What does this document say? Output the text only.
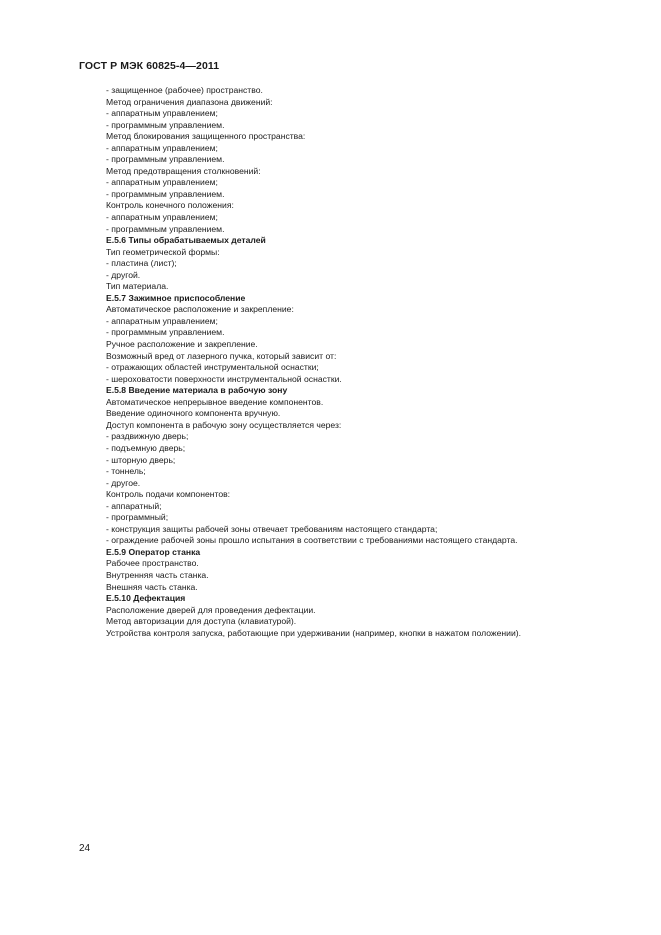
ГОСТ Р МЭК 60825-4—2011
- защищенное (рабочее) пространство.
Метод ограничения диапазона движений:
- аппаратным управлением;
- программным управлением.
Метод блокирования защищенного пространства:
- аппаратным управлением;
- программным управлением.
Метод предотвращения столкновений:
- аппаратным управлением;
- программным управлением.
Контроль конечного положения:
- аппаратным управлением;
- программным управлением.
Е.5.6 Типы обрабатываемых деталей
Тип геометрической формы:
- пластина (лист);
- другой.
Тип материала.
Е.5.7 Зажимное приспособление
Автоматическое расположение и закрепление:
- аппаратным управлением;
- программным управлением.
Ручное расположение и закрепление.
Возможный вред от лазерного пучка, который зависит от:
- отражающих областей инструментальной оснастки;
- шероховатости поверхности инструментальной оснастки.
Е.5.8 Введение материала в рабочую зону
Автоматическое непрерывное введение компонентов.
Введение одиночного компонента вручную.
Доступ компонента в рабочую зону осуществляется через:
- раздвижную дверь;
- подъемную дверь;
- шторную дверь;
- тоннель;
- другое.
Контроль подачи компонентов:
- аппаратный;
- программный;
- конструкция защиты рабочей зоны отвечает требованиям настоящего стандарта;
- ограждение рабочей зоны прошло испытания в соответствии с требованиями настоящего стандарта.
Е.5.9 Оператор станка
Рабочее пространство.
Внутренняя часть станка.
Внешняя часть станка.
Е.5.10 Дефектация
Расположение дверей для проведения дефектации.
Метод авторизации для доступа (клавиатурой).
Устройства контроля запуска, работающие при удерживании (например, кнопки в нажатом положении).
24
